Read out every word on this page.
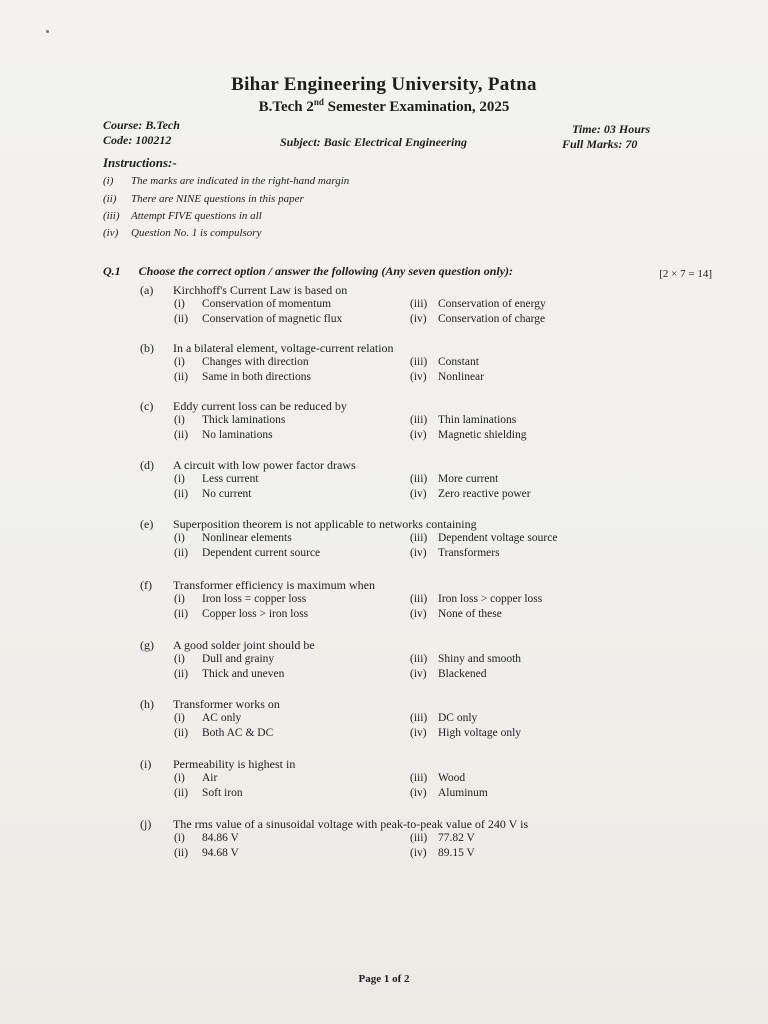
Bihar Engineering University, Patna
B.Tech 2nd Semester Examination, 2025
Course: B.Tech
Code: 100212	Subject: Basic Electrical Engineering
Time: 03 Hours
Full Marks: 70
Instructions:-
(i) The marks are indicated in the right-hand margin
(ii) There are NINE questions in this paper
(iii) Attempt FIVE questions in all
(iv) Question No. 1 is compulsory
Q.1 Choose the correct option / answer the following (Any seven question only):	[2 × 7 = 14]
(a)	Kirchhoff's Current Law is based on
(i) Conservation of momentum	(iii) Conservation of energy
(ii) Conservation of magnetic flux	(iv) Conservation of charge
(b)	In a bilateral element, voltage-current relation
(i) Changes with direction	(iii) Constant
(ii) Same in both directions	(iv) Nonlinear
(c)	Eddy current loss can be reduced by
(i) Thick laminations	(iii) Thin laminations
(ii) No laminations	(iv) Magnetic shielding
(d)	A circuit with low power factor draws
(i) Less current	(iii) More current
(ii) No current	(iv) Zero reactive power
(e)	Superposition theorem is not applicable to networks containing
(i) Nonlinear elements	(iii) Dependent voltage source
(ii) Dependent current source	(iv) Transformers
(f)	Transformer efficiency is maximum when
(i) Iron loss = copper loss	(iii) Iron loss > copper loss
(ii) Copper loss > iron loss	(iv) None of these
(g)	A good solder joint should be
(i) Dull and grainy	(iii) Shiny and smooth
(ii) Thick and uneven	(iv) Blackened
(h)	Transformer works on
(i) AC only	(iii) DC only
(ii) Both AC & DC	(iv) High voltage only
(i)	Permeability is highest in
(i) Air	(iii) Wood
(ii) Soft iron	(iv) Aluminum
(j)	The rms value of a sinusoidal voltage with peak-to-peak value of 240 V is
(i) 84.86 V	(iii) 77.82 V
(ii) 94.68 V	(iv) 89.15 V
Page 1 of 2
